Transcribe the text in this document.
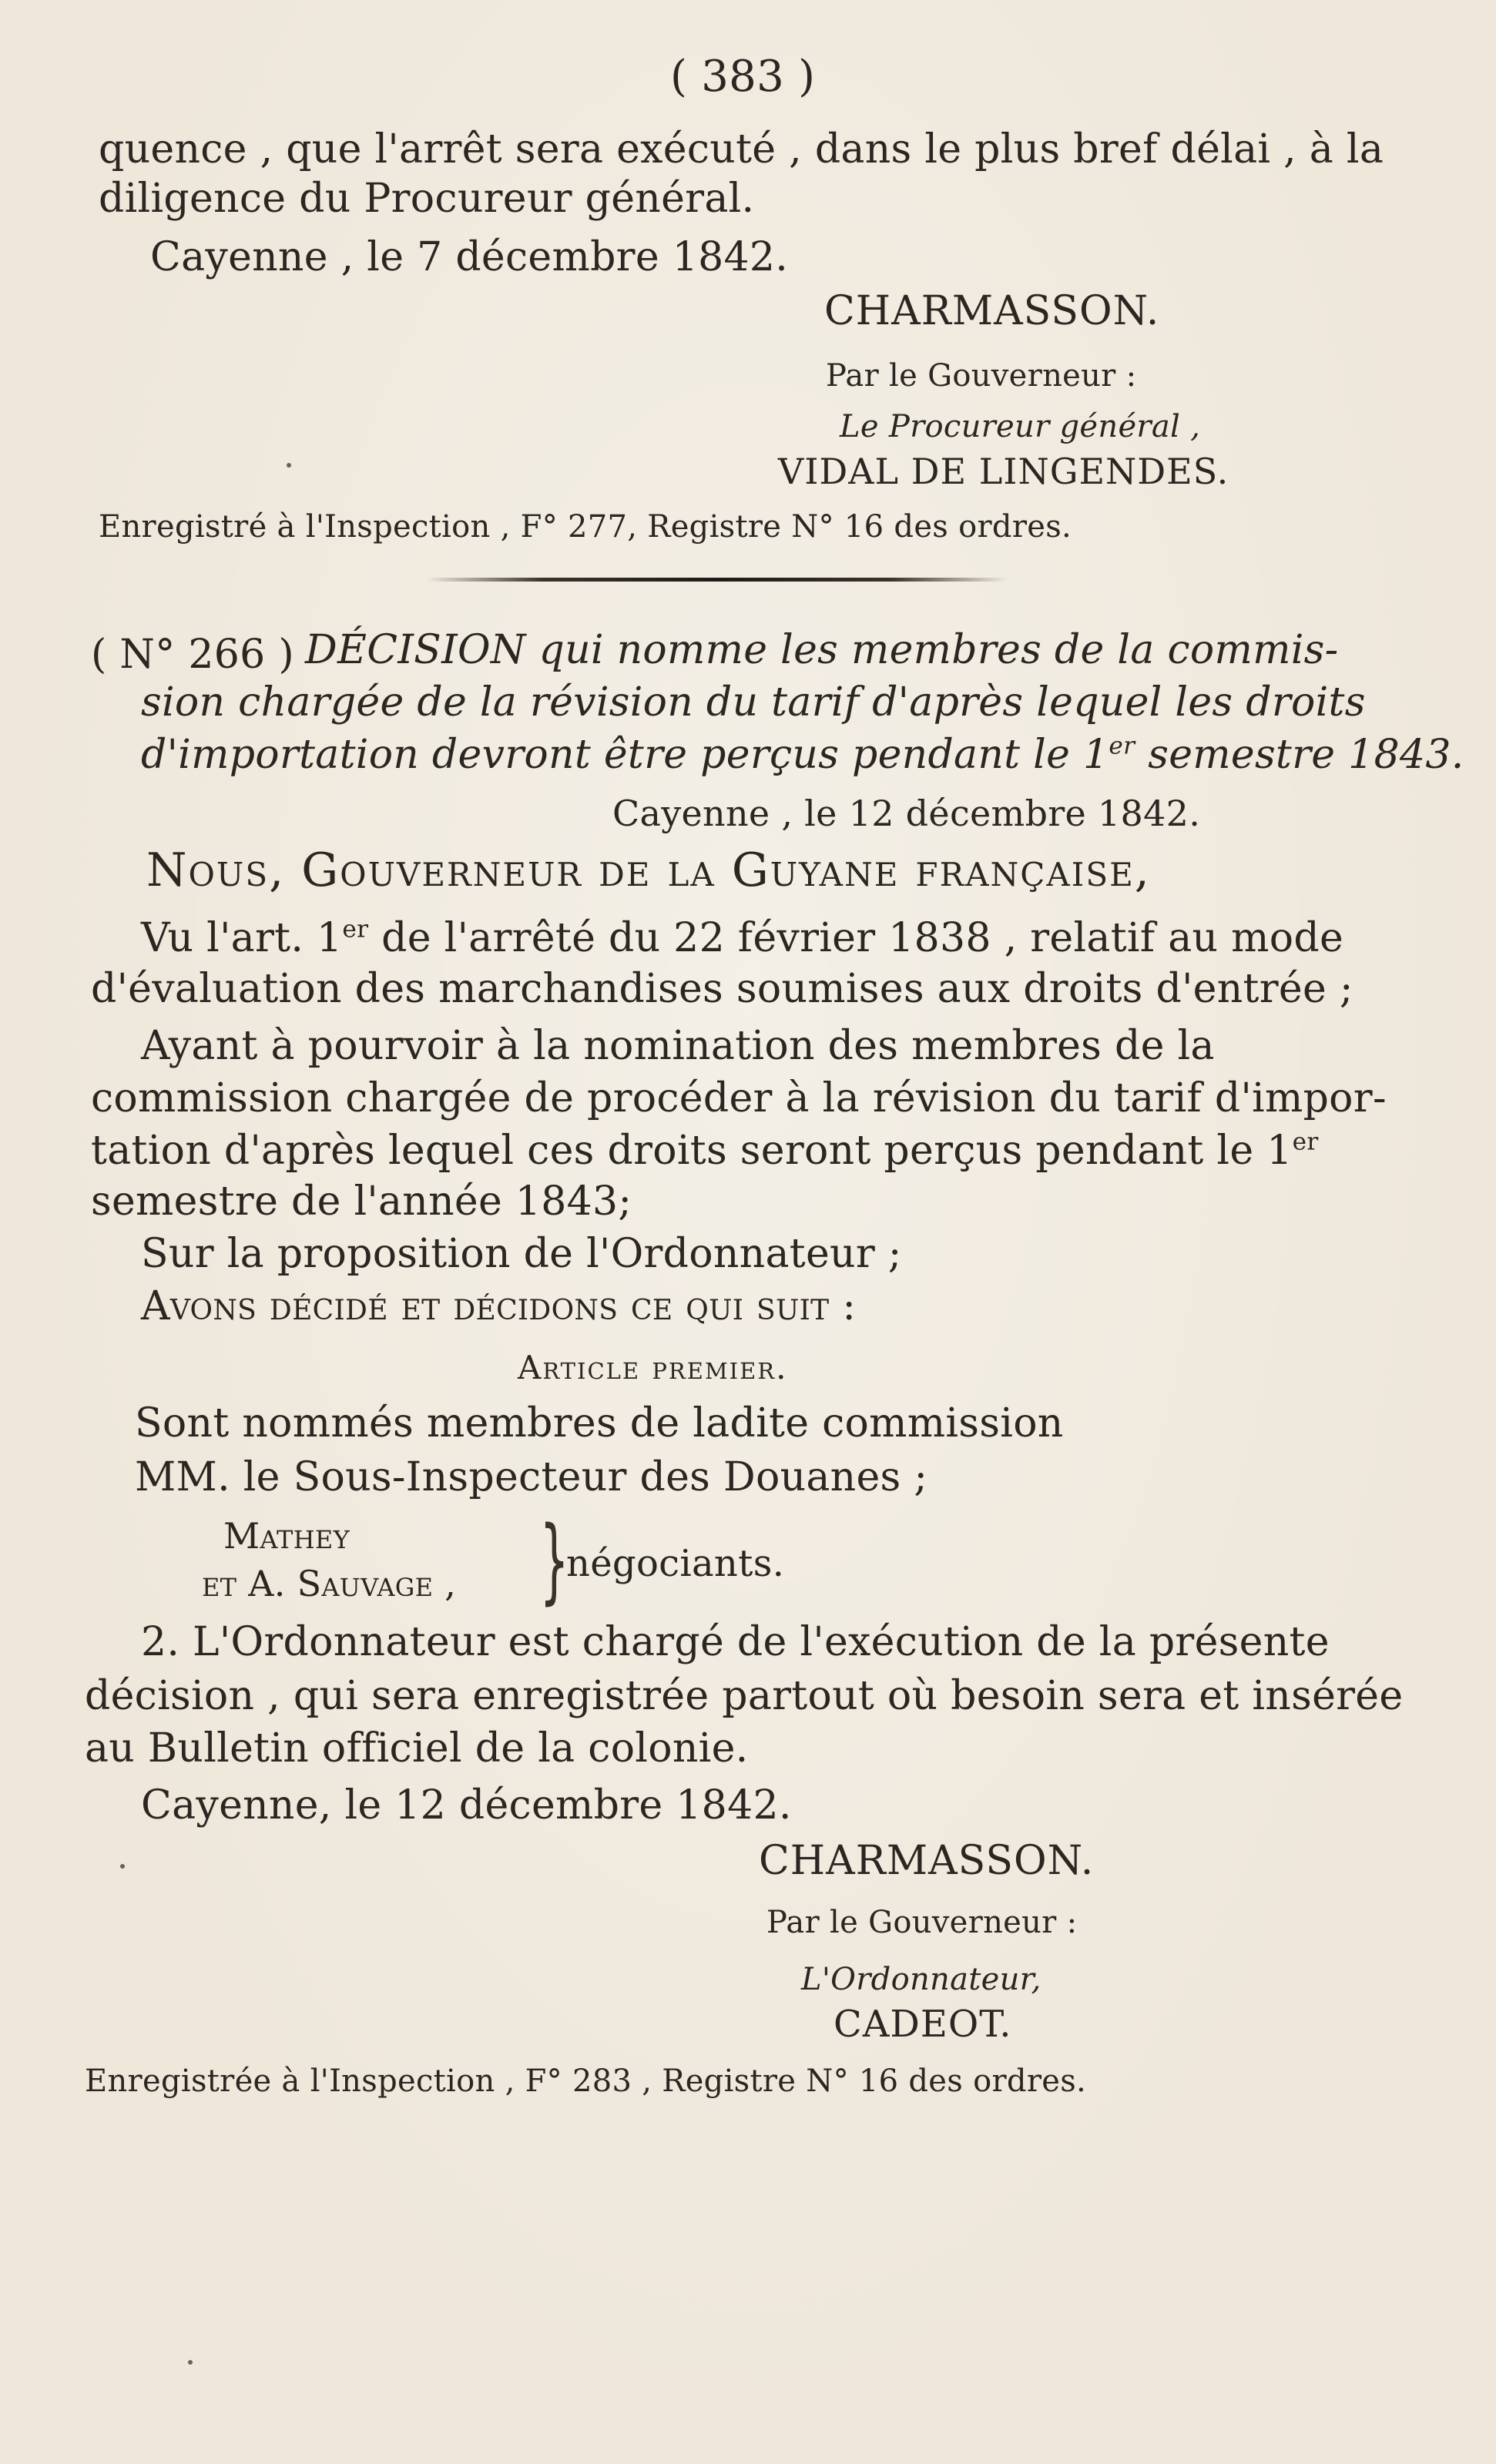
( 383 )
quence , que l'arrêt sera exécuté , dans le plus bref délai , à la
diligence du Procureur général.
Cayenne , le 7 décembre 1842.
CHARMASSON.
Par le Gouverneur :
Le Procureur général ,
VIDAL DE LINGENDES.
Enregistré à l'Inspection , F° 277, Registre N° 16 des ordres.
( N° 266 ) DÉCISION qui nomme les membres de la commis-
sion chargée de la révision du tarif d'après lequel les droits
d'importation devront être perçus pendant le 1er semestre 1843.
Cayenne , le 12 décembre 1842.
Nous, Gouverneur de la Guyane française,
Vu l'art. 1er de l'arrêté du 22 février 1838 , relatif au mode
d'évaluation des marchandises soumises aux droits d'entrée ;
Ayant à pourvoir à la nomination des membres de la
commission chargée de procéder à la révision du tarif d'impor-
tation d'après lequel ces droits seront perçus pendant le 1er
semestre de l'année 1843;
Sur la proposition de l'Ordonnateur ;
Avons décidé et décidons ce qui suit :
Article premier.
Sont nommés membres de ladite commission
MM. le Sous-Inspecteur des Douanes ;
Mathey
et A. Sauvage , }
négociants.
2. L'Ordonnateur est chargé de l'exécution de la présente
décision , qui sera enregistrée partout où besoin sera et insérée
au Bulletin officiel de la colonie.
Cayenne, le 12 décembre 1842.
CHARMASSON.
Par le Gouverneur :
L'Ordonnateur,
CADEOT.
Enregistrée à l'Inspection , F° 283 , Registre N° 16 des ordres.
